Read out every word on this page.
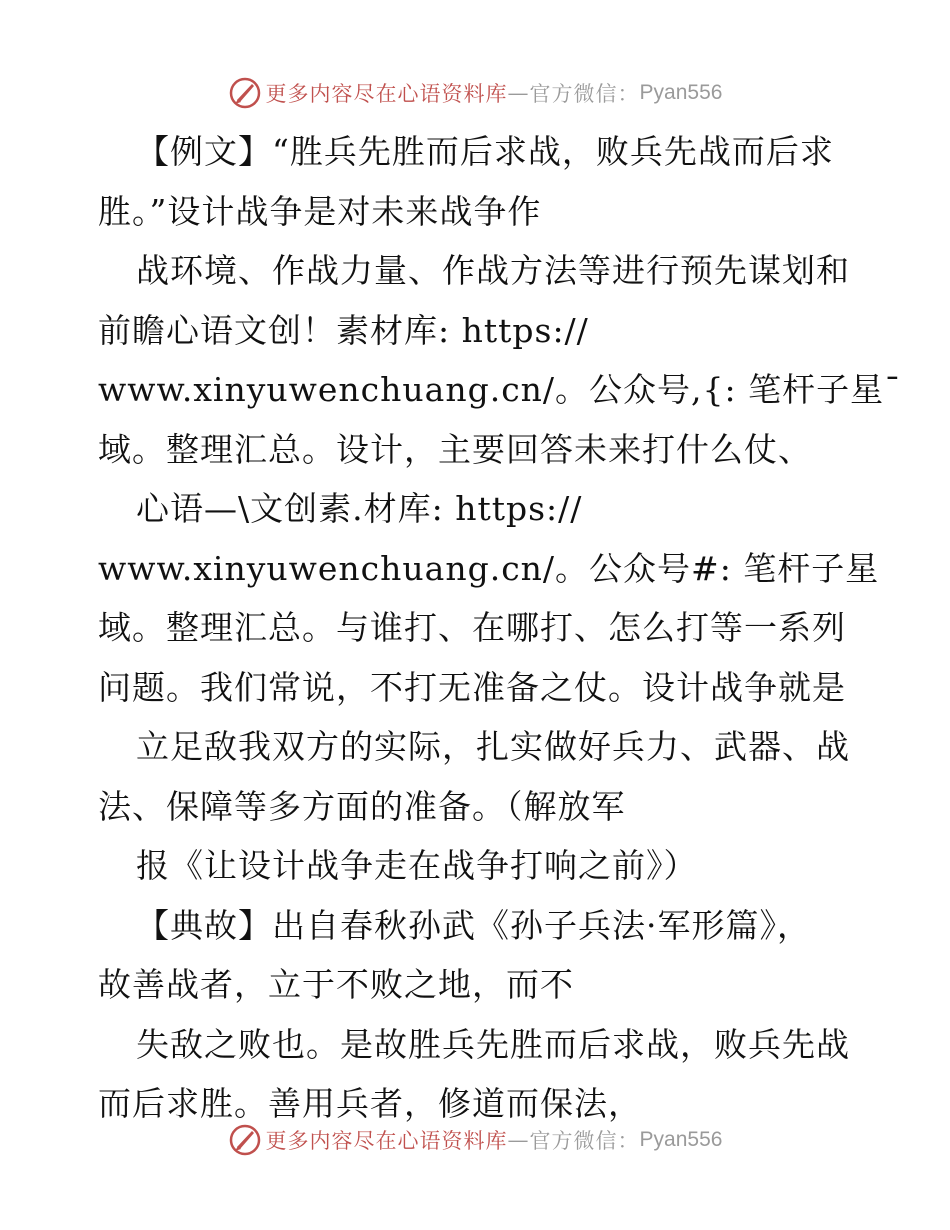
更多内容尽在心语资料库 — 官方微信： Pyan556
【例文】“胜兵先胜而后求战，败兵先战而后求
胜。”设计战争是对未来战争作
战环境、作战力量、作战方法等进行预先谋划和
前瞻心语文创！素材库: https://
www.xinyuwenchuang.cn/。公众号,{: 笔杆子星¯
域。整理汇总。设计，主要回答未来打什么仗、
心语—\文创素.材库: https://
www.xinyuwenchuang.cn/。公众号#: 笔杆子星
域。整理汇总。与谁打、在哪打、怎么打等一系列
问题。我们常说，不打无准备之仗。设计战争就是
立足敌我双方的实际，扎实做好兵力、武器、战
法、保障等多方面的准备。（解放军
报《让设计战争走在战争打响之前》）
【典故】出自春秋孙武《孙子兵法·军形篇》，
故善战者，立于不败之地，而不
失敌之败也。是故胜兵先胜而后求战，败兵先战
而后求胜。善用兵者，修道而保法，
更多内容尽在心语资料库 — 官方微信： Pyan556
